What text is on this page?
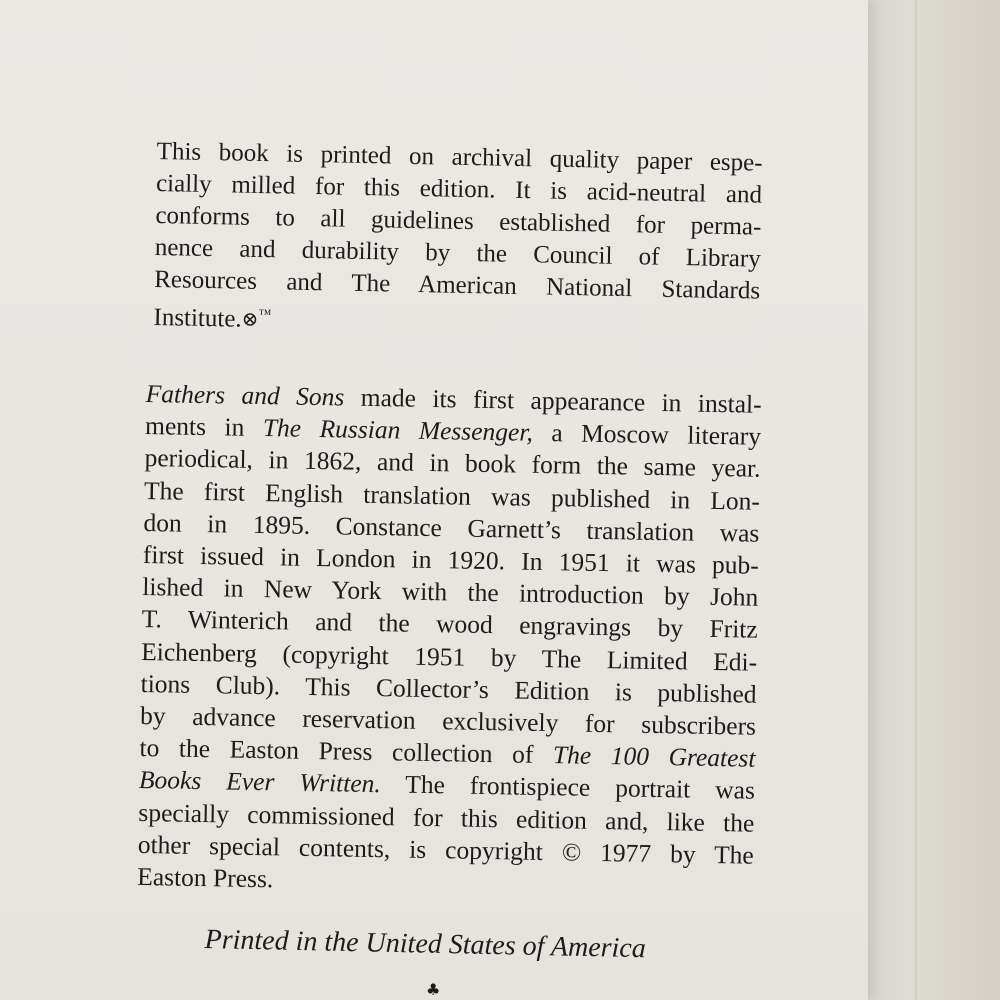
This book is printed on archival quality paper espe-
cially milled for this edition. It is acid-neutral and
conforms to all guidelines established for perma-
nence and durability by the Council of Library
Resources and The American National Standards
Institute.⊗™
Fathers and Sons made its first appearance in instal-
ments in The Russian Messenger, a Moscow literary
periodical, in 1862, and in book form the same year.
The first English translation was published in Lon-
don in 1895. Constance Garnett’s translation was
first issued in London in 1920. In 1951 it was pub-
lished in New York with the introduction by John
T. Winterich and the wood engravings by Fritz
Eichenberg (copyright 1951 by The Limited Edi-
tions Club). This Collector’s Edition is published
by advance reservation exclusively for subscribers
to the Easton Press collection of The 100 Greatest
Books Ever Written. The frontispiece portrait was
specially commissioned for this edition and, like the
other special contents, is copyright © 1977 by The
Easton Press.
Printed in the United States of America
♣
